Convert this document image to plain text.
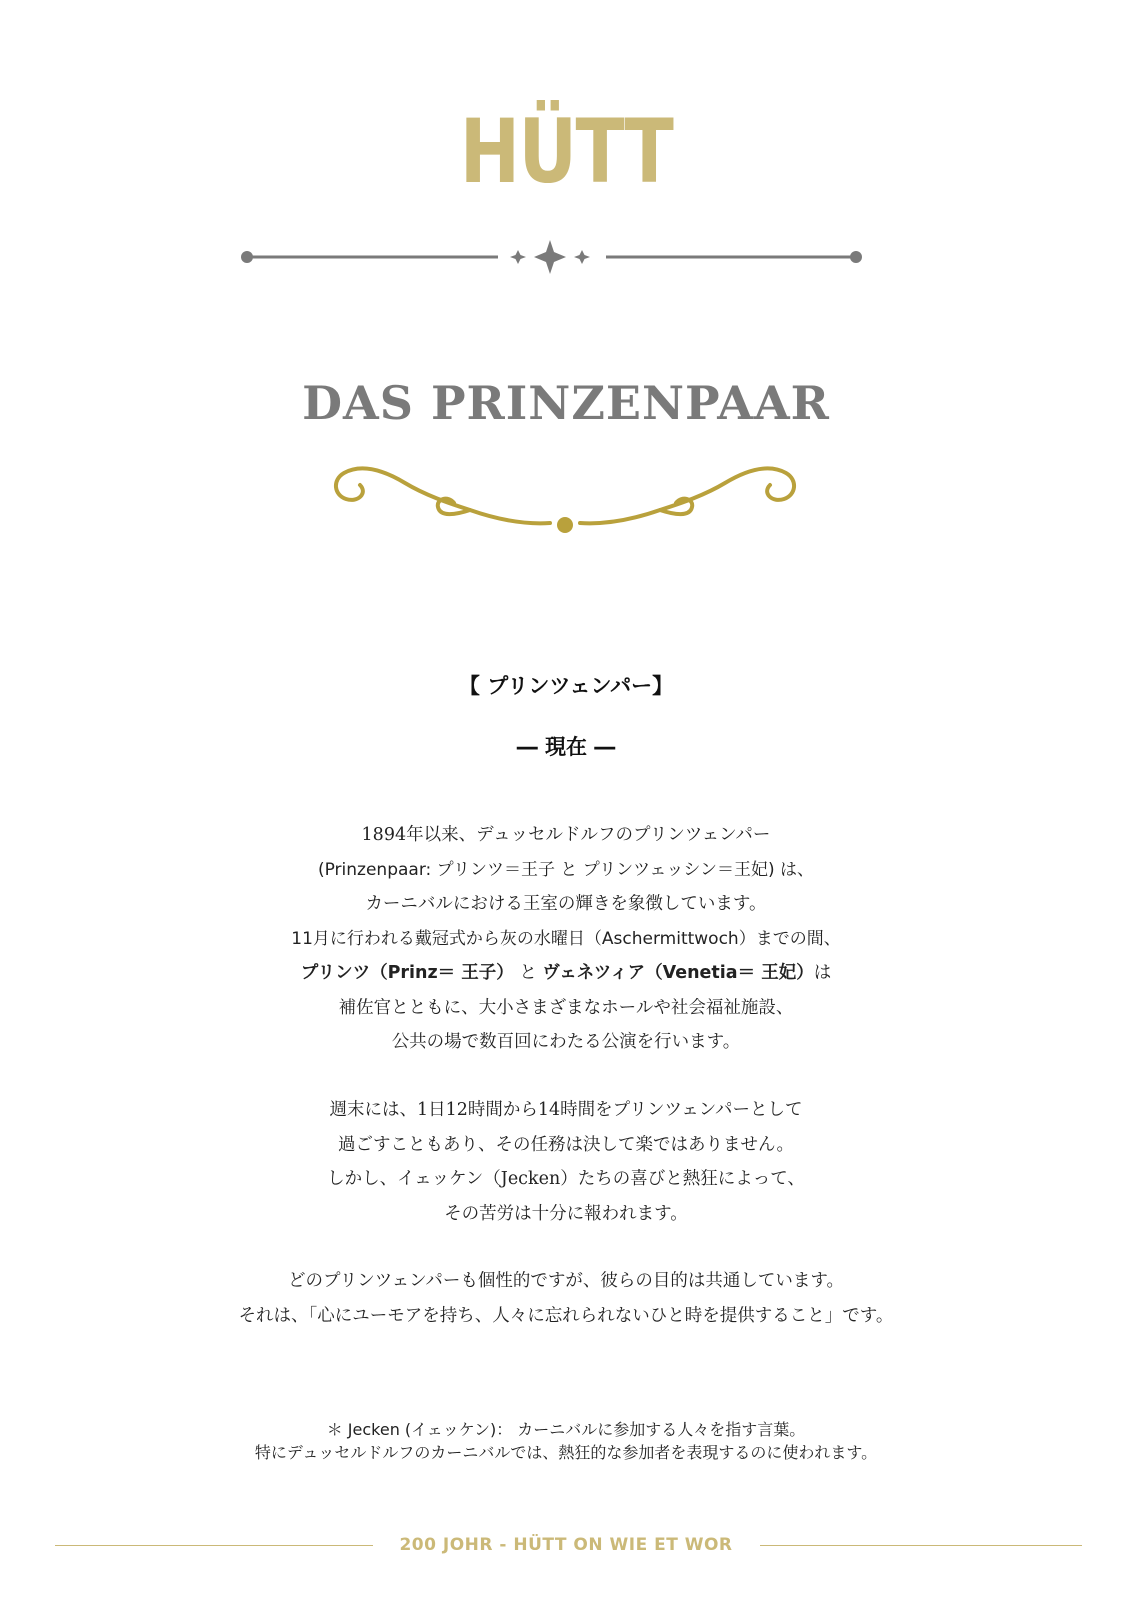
HÜTT
DAS PRINZENPAAR
【 プリンツェンパー】
― 現在 ―
1894年以来、デュッセルドルフのプリンツェンパー
(Prinzenpaar: プリンツ＝王子 と プリンツェッシン＝王妃) は、
カーニバルにおける王室の輝きを象徴しています。
11月に行われる戴冠式から灰の水曜日（Aschermittwoch）までの間、
プリンツ（Prinz＝ 王子） と ヴェネツィア（Venetia＝ 王妃）は
補佐官とともに、大小さまざまなホールや社会福祉施設、
公共の場で数百回にわたる公演を行います。
週末には、1日12時間から14時間をプリンツェンパーとして
過ごすこともあり、その任務は決して楽ではありません。
しかし、イェッケン（Jecken）たちの喜びと熱狂によって、
その苦労は十分に報われます。
どのプリンツェンパーも個性的ですが、彼らの目的は共通しています。
それは、「心にユーモアを持ち、人々に忘れられないひと時を提供すること」です。
＊ Jecken (イェッケン)： カーニバルに参加する人々を指す言葉。
特にデュッセルドルフのカーニバルでは、熱狂的な参加者を表現するのに使われます。
200 JOHR - HÜTT ON WIE ET WOR
